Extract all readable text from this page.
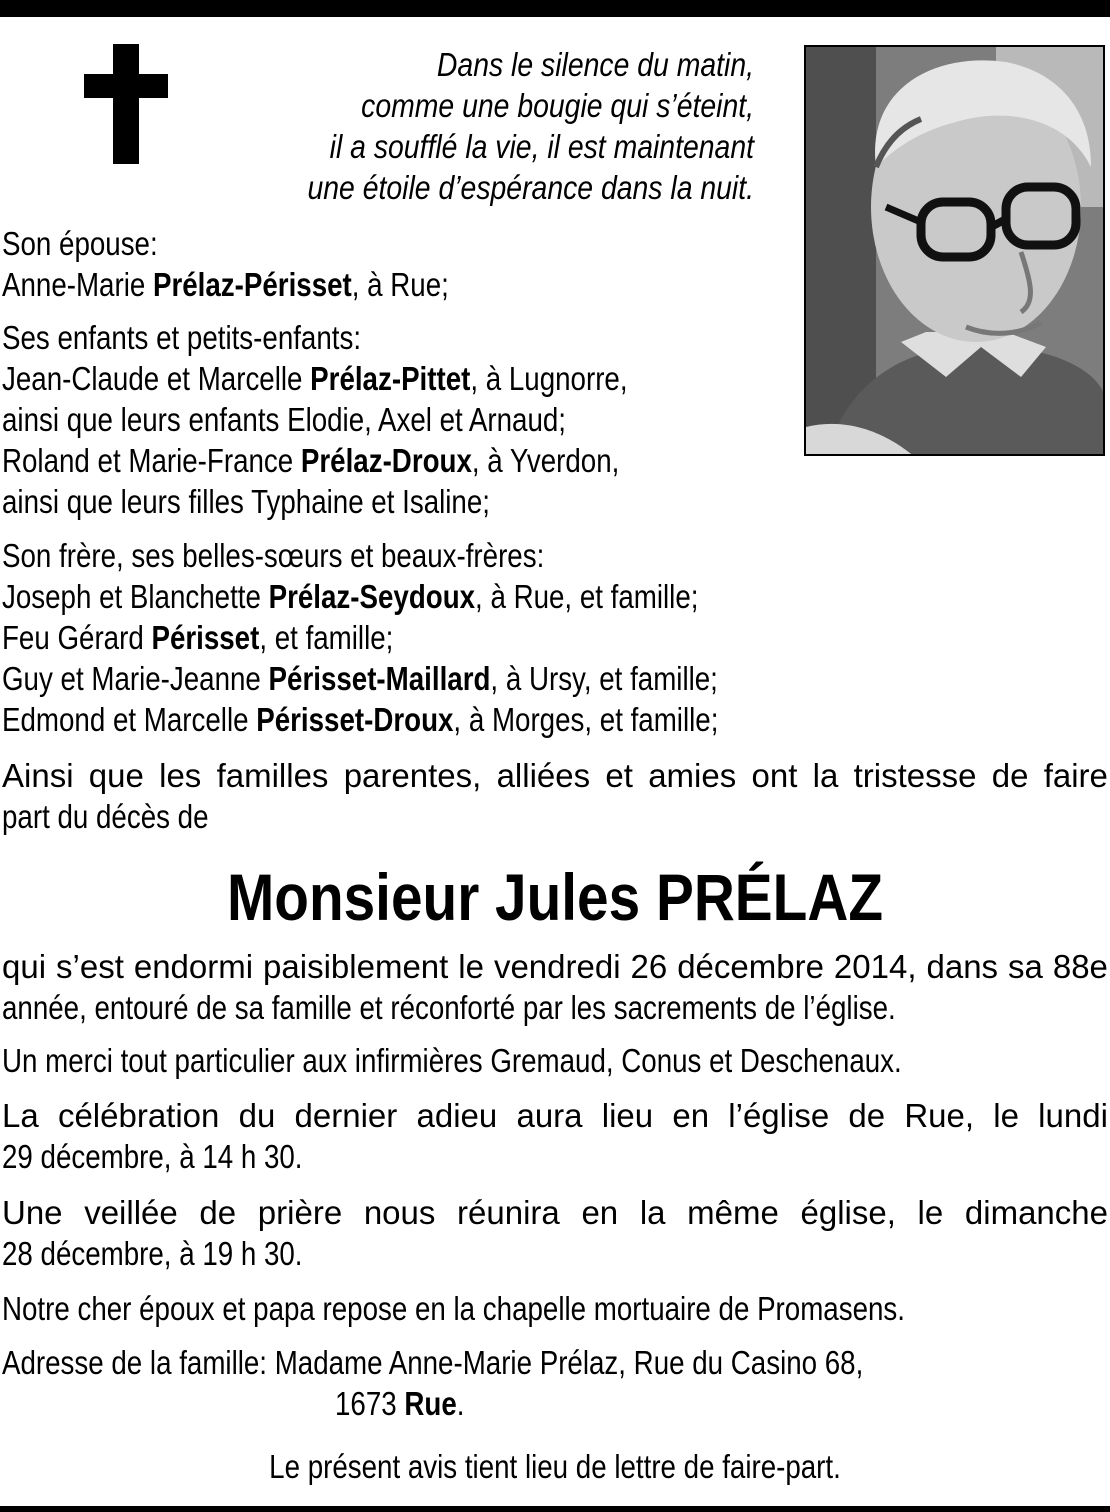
Dans le silence du matin,
comme une bougie qui s’éteint,
il a soufflé la vie, il est maintenant
une étoile d’espérance dans la nuit.
Son épouse:
Anne-Marie Prélaz-Périsset, à Rue;
Ses enfants et petits-enfants:
Jean-Claude et Marcelle Prélaz-Pittet, à Lugnorre,
ainsi que leurs enfants Elodie, Axel et Arnaud;
Roland et Marie-France Prélaz-Droux, à Yverdon,
ainsi que leurs filles Typhaine et Isaline;
Son frère, ses belles-sœurs et beaux-frères:
Joseph et Blanchette Prélaz-Seydoux, à Rue, et famille;
Feu Gérard Périsset, et famille;
Guy et Marie-Jeanne Périsset-Maillard, à Ursy, et famille;
Edmond et Marcelle Périsset-Droux, à Morges, et famille;
Ainsi que les familles parentes, alliées et amies ont la tristesse de faire
part du décès de
Monsieur Jules PRÉLAZ
qui s’est endormi paisiblement le vendredi 26 décembre 2014, dans sa 88e
année, entouré de sa famille et réconforté par les sacrements de l’église.
Un merci tout particulier aux infirmières Gremaud, Conus et Deschenaux.
La célébration du dernier adieu aura lieu en l’église de Rue, le lundi
29 décembre, à 14 h 30.
Une veillée de prière nous réunira en la même église, le dimanche
28 décembre, à 19 h 30.
Notre cher époux et papa repose en la chapelle mortuaire de Promasens.
Adresse de la famille: Madame Anne-Marie Prélaz, Rue du Casino 68,
1673 Rue.
Le présent avis tient lieu de lettre de faire-part.
